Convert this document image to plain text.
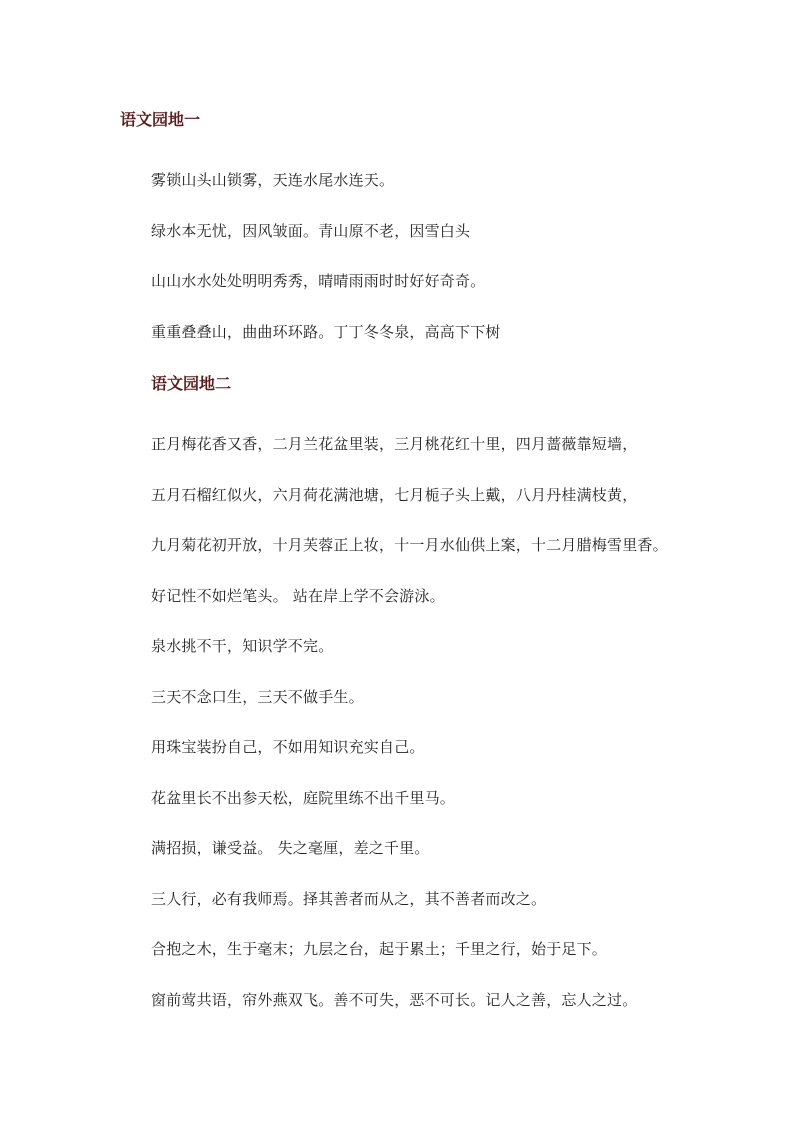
语文园地一

雾锁山头山锁雾，天连水尾水连天。

绿水本无忧，因风皱面。青山原不老，因雪白头

山山水水处处明明秀秀，晴晴雨雨时时好好奇奇。

重重叠叠山，曲曲环环路。丁丁冬冬泉，高高下下树

语文园地二

正月梅花香又香，二月兰花盆里装，三月桃花红十里，四月蔷薇靠短墙，

五月石榴红似火，六月荷花满池塘，七月栀子头上戴，八月丹桂满枝黄，

九月菊花初开放，十月芙蓉正上妆，十一月水仙供上案，十二月腊梅雪里香。

好记性不如烂笔头。 站在岸上学不会游泳。

泉水挑不干，知识学不完。

三天不念口生，三天不做手生。

用珠宝装扮自己，不如用知识充实自己。

花盆里长不出参天松，庭院里练不出千里马。

满招损，谦受益。 失之毫厘，差之千里。

三人行，必有我师焉。择其善者而从之，其不善者而改之。

合抱之木，生于毫末；九层之台，起于累土；千里之行，始于足下。

窗前莺共语，帘外燕双飞。善不可失，恶不可长。记人之善，忘人之过。
